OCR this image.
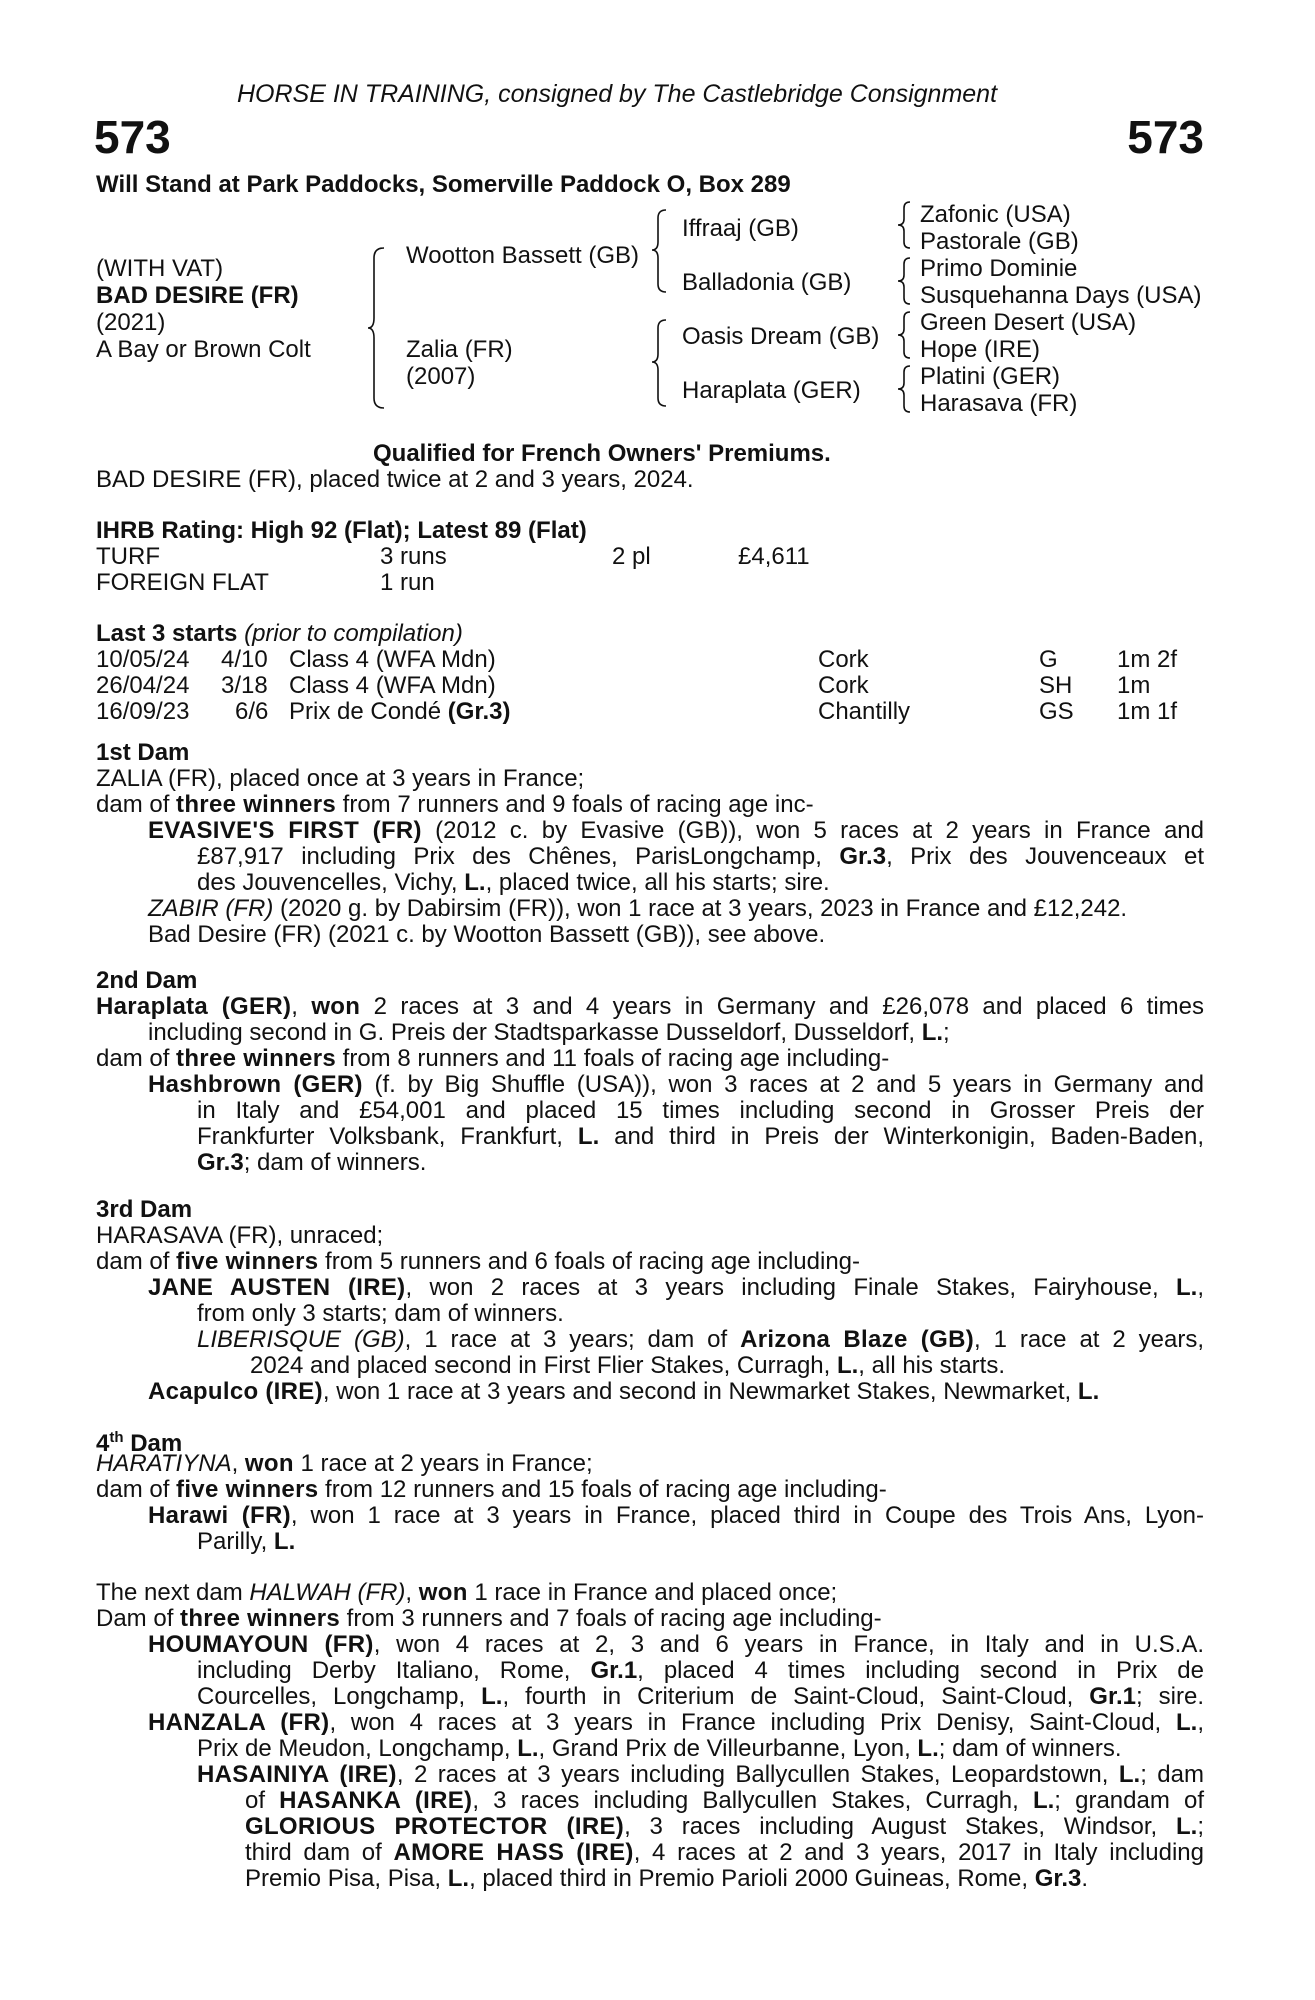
HORSE IN TRAINING, consigned by The Castlebridge Consignment
573	573
Will Stand at Park Paddocks, Somerville Paddock O, Box 289
(WITH VAT)
BAD DESIRE (FR)
(2021)
A Bay or Brown Colt
Wootton Bassett (GB)
Zalia (FR)
(2007)
Iffraaj (GB)
Balladonia (GB)
Oasis Dream (GB)
Haraplata (GER)
Zafonic (USA)
Pastorale (GB)
Primo Dominie
Susquehanna Days (USA)
Green Desert (USA)
Hope (IRE)
Platini (GER)
Harasava (FR)
Qualified for French Owners' Premiums.
BAD DESIRE (FR), placed twice at 2 and 3 years, 2024.
IHRB Rating: High 92 (Flat); Latest 89 (Flat)
TURF	3 runs	2 pl	£4,611
FOREIGN FLAT	1 run
Last 3 starts (prior to compilation)
10/05/24 4/10 Class 4 (WFA Mdn)	Cork	G 1m 2f
26/04/24 3/18 Class 4 (WFA Mdn)	Cork	SH 1m
16/09/23 6/6 Prix de Condé (Gr.3)	Chantilly	GS 1m 1f
1st Dam
ZALIA (FR), placed once at 3 years in France;
dam of three winners from 7 runners and 9 foals of racing age inc-
EVASIVE'S FIRST (FR) (2012 c. by Evasive (GB)), won 5 races at 2 years in France and
£87,917 including Prix des Chênes, ParisLongchamp, Gr.3, Prix des Jouvenceaux et
des Jouvencelles, Vichy, L., placed twice, all his starts; sire.
ZABIR (FR) (2020 g. by Dabirsim (FR)), won 1 race at 3 years, 2023 in France and £12,242.
Bad Desire (FR) (2021 c. by Wootton Bassett (GB)), see above.
2nd Dam
Haraplata (GER), won 2 races at 3 and 4 years in Germany and £26,078 and placed 6 times
including second in G. Preis der Stadtsparkasse Dusseldorf, Dusseldorf, L.;
dam of three winners from 8 runners and 11 foals of racing age including-
Hashbrown (GER) (f. by Big Shuffle (USA)), won 3 races at 2 and 5 years in Germany and
in Italy and £54,001 and placed 15 times including second in Grosser Preis der
Frankfurter Volksbank, Frankfurt, L. and third in Preis der Winterkonigin, Baden-Baden,
Gr.3; dam of winners.
3rd Dam
HARASAVA (FR), unraced;
dam of five winners from 5 runners and 6 foals of racing age including-
JANE AUSTEN (IRE), won 2 races at 3 years including Finale Stakes, Fairyhouse, L.,
from only 3 starts; dam of winners.
LIBERISQUE (GB), 1 race at 3 years; dam of Arizona Blaze (GB), 1 race at 2 years,
2024 and placed second in First Flier Stakes, Curragh, L., all his starts.
Acapulco (IRE), won 1 race at 3 years and second in Newmarket Stakes, Newmarket, L.
4th Dam
HARATIYNA, won 1 race at 2 years in France;
dam of five winners from 12 runners and 15 foals of racing age including-
Harawi (FR), won 1 race at 3 years in France, placed third in Coupe des Trois Ans, Lyon-
Parilly, L.
The next dam HALWAH (FR), won 1 race in France and placed once;
Dam of three winners from 3 runners and 7 foals of racing age including-
HOUMAYOUN (FR), won 4 races at 2, 3 and 6 years in France, in Italy and in U.S.A.
including Derby Italiano, Rome, Gr.1, placed 4 times including second in Prix de
Courcelles, Longchamp, L., fourth in Criterium de Saint-Cloud, Saint-Cloud, Gr.1; sire.
HANZALA (FR), won 4 races at 3 years in France including Prix Denisy, Saint-Cloud, L.,
Prix de Meudon, Longchamp, L., Grand Prix de Villeurbanne, Lyon, L.; dam of winners.
HASAINIYA (IRE), 2 races at 3 years including Ballycullen Stakes, Leopardstown, L.; dam
of HASANKA (IRE), 3 races including Ballycullen Stakes, Curragh, L.; grandam of
GLORIOUS PROTECTOR (IRE), 3 races including August Stakes, Windsor, L.;
third dam of AMORE HASS (IRE), 4 races at 2 and 3 years, 2017 in Italy including
Premio Pisa, Pisa, L., placed third in Premio Parioli 2000 Guineas, Rome, Gr.3.
